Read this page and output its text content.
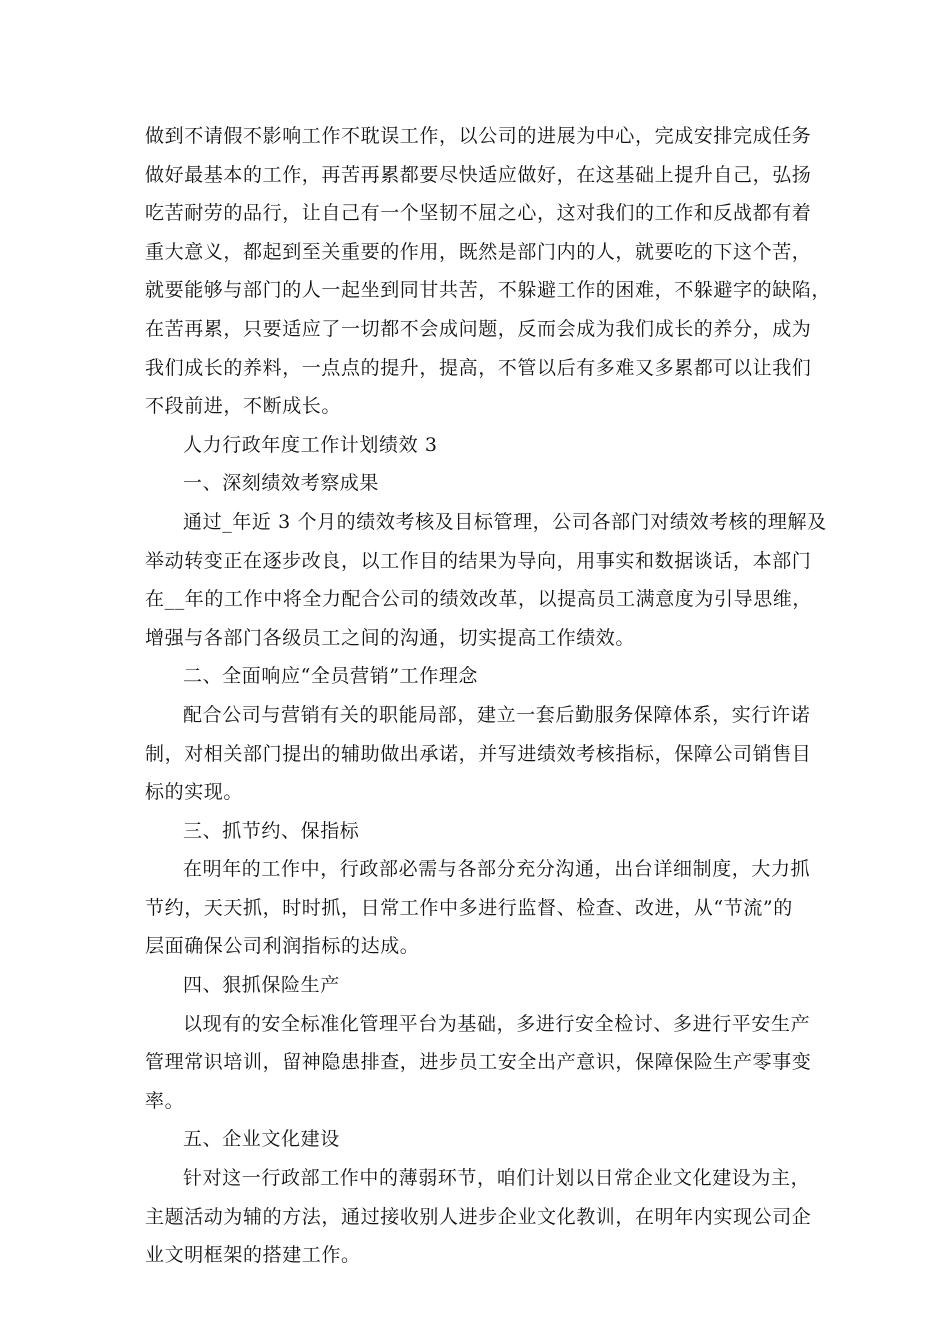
做到不请假不影响工作不耽误工作，以公司的进展为中心，完成安排完成任务
做好最基本的工作，再苦再累都要尽快适应做好，在这基础上提升自己，弘扬
吃苦耐劳的品行，让自己有一个坚韧不屈之心，这对我们的工作和反战都有着
重大意义，都起到至关重要的作用，既然是部门内的人，就要吃的下这个苦，
就要能够与部门的人一起坐到同甘共苦，不躲避工作的困难，不躲避字的缺陷，
在苦再累，只要适应了一切都不会成问题，反而会成为我们成长的养分，成为
我们成长的养料，一点点的提升，提高，不管以后有多难又多累都可以让我们
不段前进，不断成长。
人力行政年度工作计划绩效 3
一、深刻绩效考察成果
通过_年近 3 个月的绩效考核及目标管理，公司各部门对绩效考核的理解及
举动转变正在逐步改良，以工作目的结果为导向，用事实和数据谈话，本部门
在__年的工作中将全力配合公司的绩效改革，以提高员工满意度为引导思维，
增强与各部门各级员工之间的沟通，切实提高工作绩效。
二、全面响应“全员营销”工作理念
配合公司与营销有关的职能局部，建立一套后勤服务保障体系，实行许诺
制，对相关部门提出的辅助做出承诺，并写进绩效考核指标，保障公司销售目
标的实现。
三、抓节约、保指标
在明年的工作中，行政部必需与各部分充分沟通，出台详细制度，大力抓
节约，天天抓，时时抓，日常工作中多进行监督、检查、改进，从“节流”的
层面确保公司利润指标的达成。
四、狠抓保险生产
以现有的安全标准化管理平台为基础，多进行安全检讨、多进行平安生产
管理常识培训，留神隐患排查，进步员工安全出产意识，保障保险生产零事变
率。
五、企业文化建设
针对这一行政部工作中的薄弱环节，咱们计划以日常企业文化建设为主，
主题活动为辅的方法，通过接收别人进步企业文化教训，在明年内实现公司企
业文明框架的搭建工作。
